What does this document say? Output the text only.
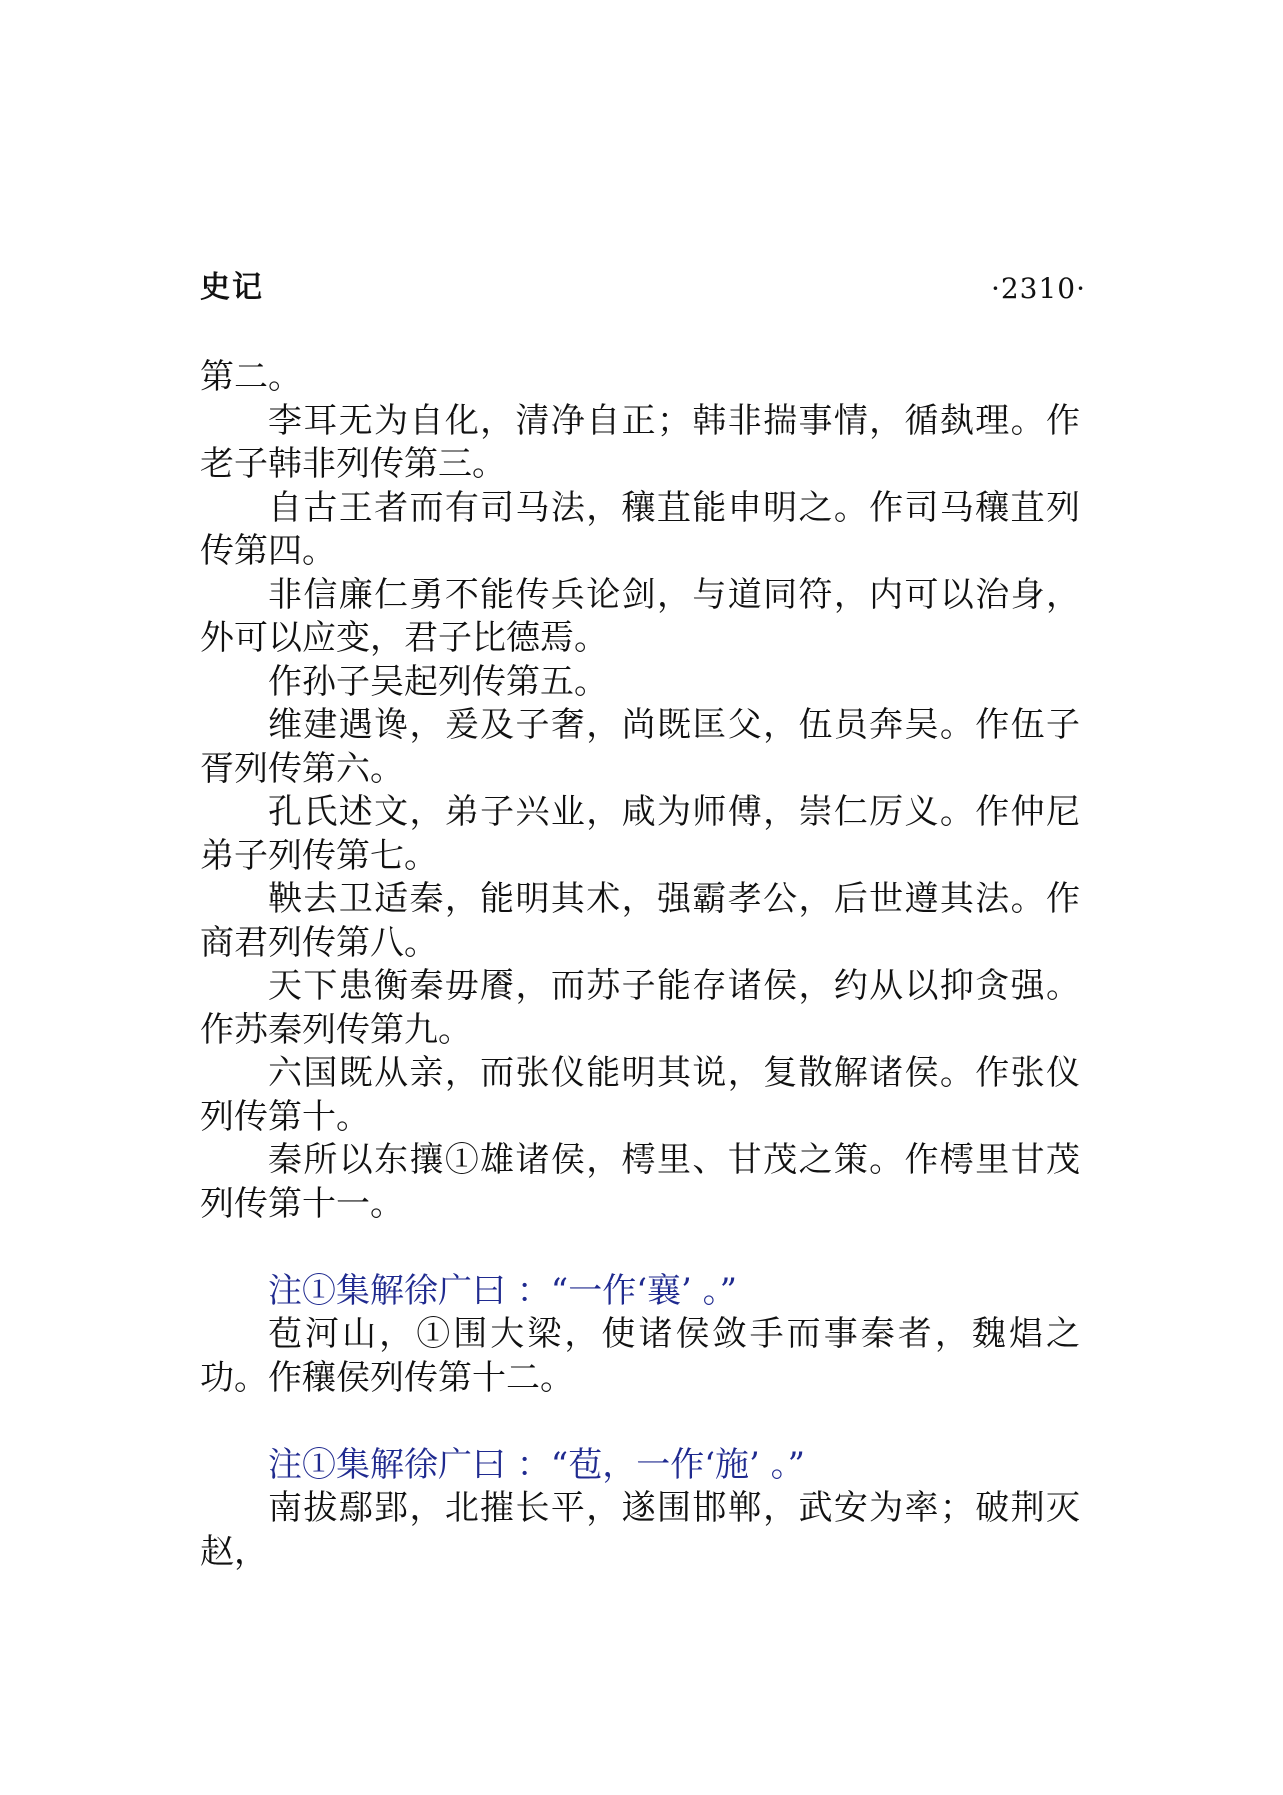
史记	·2310·

第二。

李耳无为自化，清净自正；韩非揣事情，循埶理。作老子韩非列传第三。

自古王者而有司马法，穰苴能申明之。作司马穰苴列传第四。

非信廉仁勇不能传兵论剑，与道同符，内可以治身，外可以应变，君子比德焉。

作孙子吴起列传第五。

维建遇谗，爰及子奢，尚既匡父，伍员奔吴。作伍子胥列传第六。

孔氏述文，弟子兴业，咸为师傅，崇仁厉义。作仲尼弟子列传第七。

鞅去卫适秦，能明其术，强霸孝公，后世遵其法。作商君列传第八。

天下患衡秦毋餍，而苏子能存诸侯，约从以抑贪强。作苏秦列传第九。

六国既从亲，而张仪能明其说，复散解诸侯。作张仪列传第十。

秦所以东攘①雄诸侯，樗里、甘茂之策。作樗里甘茂列传第十一。

注①集解徐广曰 ：“一作‘襄’ 。”

苞河山，①围大梁，使诸侯敛手而事秦者，魏焻之功。作穰侯列传第十二。

注①集解徐广曰 ：“苞，一作‘施’ 。”

南拔鄢郢，北摧长平，遂围邯郸，武安为率；破荆灭赵，
